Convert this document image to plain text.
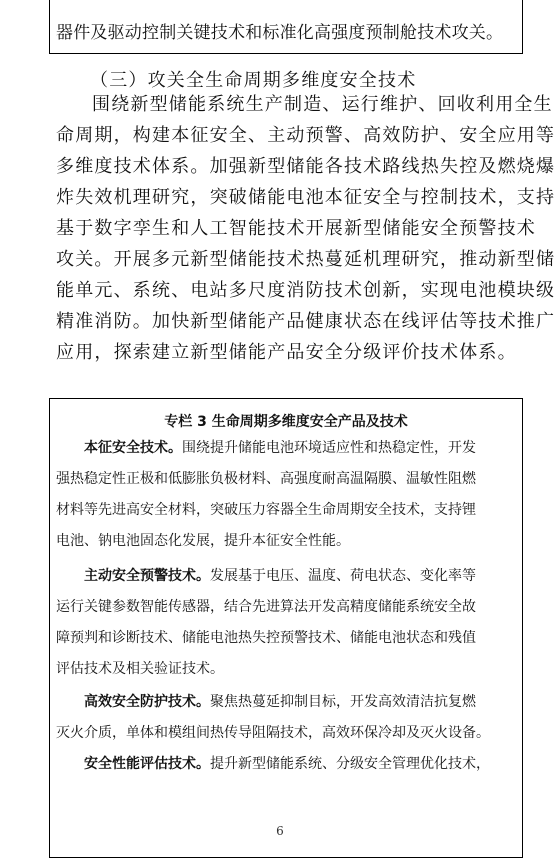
器件及驱动控制关键技术和标准化高强度预制舱技术攻关。
（三）攻关全生命周期多维度安全技术
围绕新型储能系统生产制造、运行维护、回收利用全生
命周期，构建本征安全、主动预警、高效防护、安全应用等
多维度技术体系。加强新型储能各技术路线热失控及燃烧爆
炸失效机理研究，突破储能电池本征安全与控制技术，支持
基于数字孪生和人工智能技术开展新型储能安全预警技术
攻关。开展多元新型储能技术热蔓延机理研究，推动新型储
能单元、系统、电站多尺度消防技术创新，实现电池模块级
精准消防。加快新型储能产品健康状态在线评估等技术推广
应用，探索建立新型储能产品安全分级评价技术体系。
专栏 3 生命周期多维度安全产品及技术
本征安全技术。围绕提升储能电池环境适应性和热稳定性，开发
强热稳定性正极和低膨胀负极材料、高强度耐高温隔膜、温敏性阻燃
材料等先进高安全材料，突破压力容器全生命周期安全技术，支持锂
电池、钠电池固态化发展，提升本征安全性能。
主动安全预警技术。发展基于电压、温度、荷电状态、变化率等
运行关键参数智能传感器，结合先进算法开发高精度储能系统安全故
障预判和诊断技术、储能电池热失控预警技术、储能电池状态和残值
评估技术及相关验证技术。
高效安全防护技术。聚焦热蔓延抑制目标，开发高效清洁抗复燃
灭火介质，单体和模组间热传导阻隔技术，高效环保冷却及灭火设备。
安全性能评估技术。提升新型储能系统、分级安全管理优化技术，
6
